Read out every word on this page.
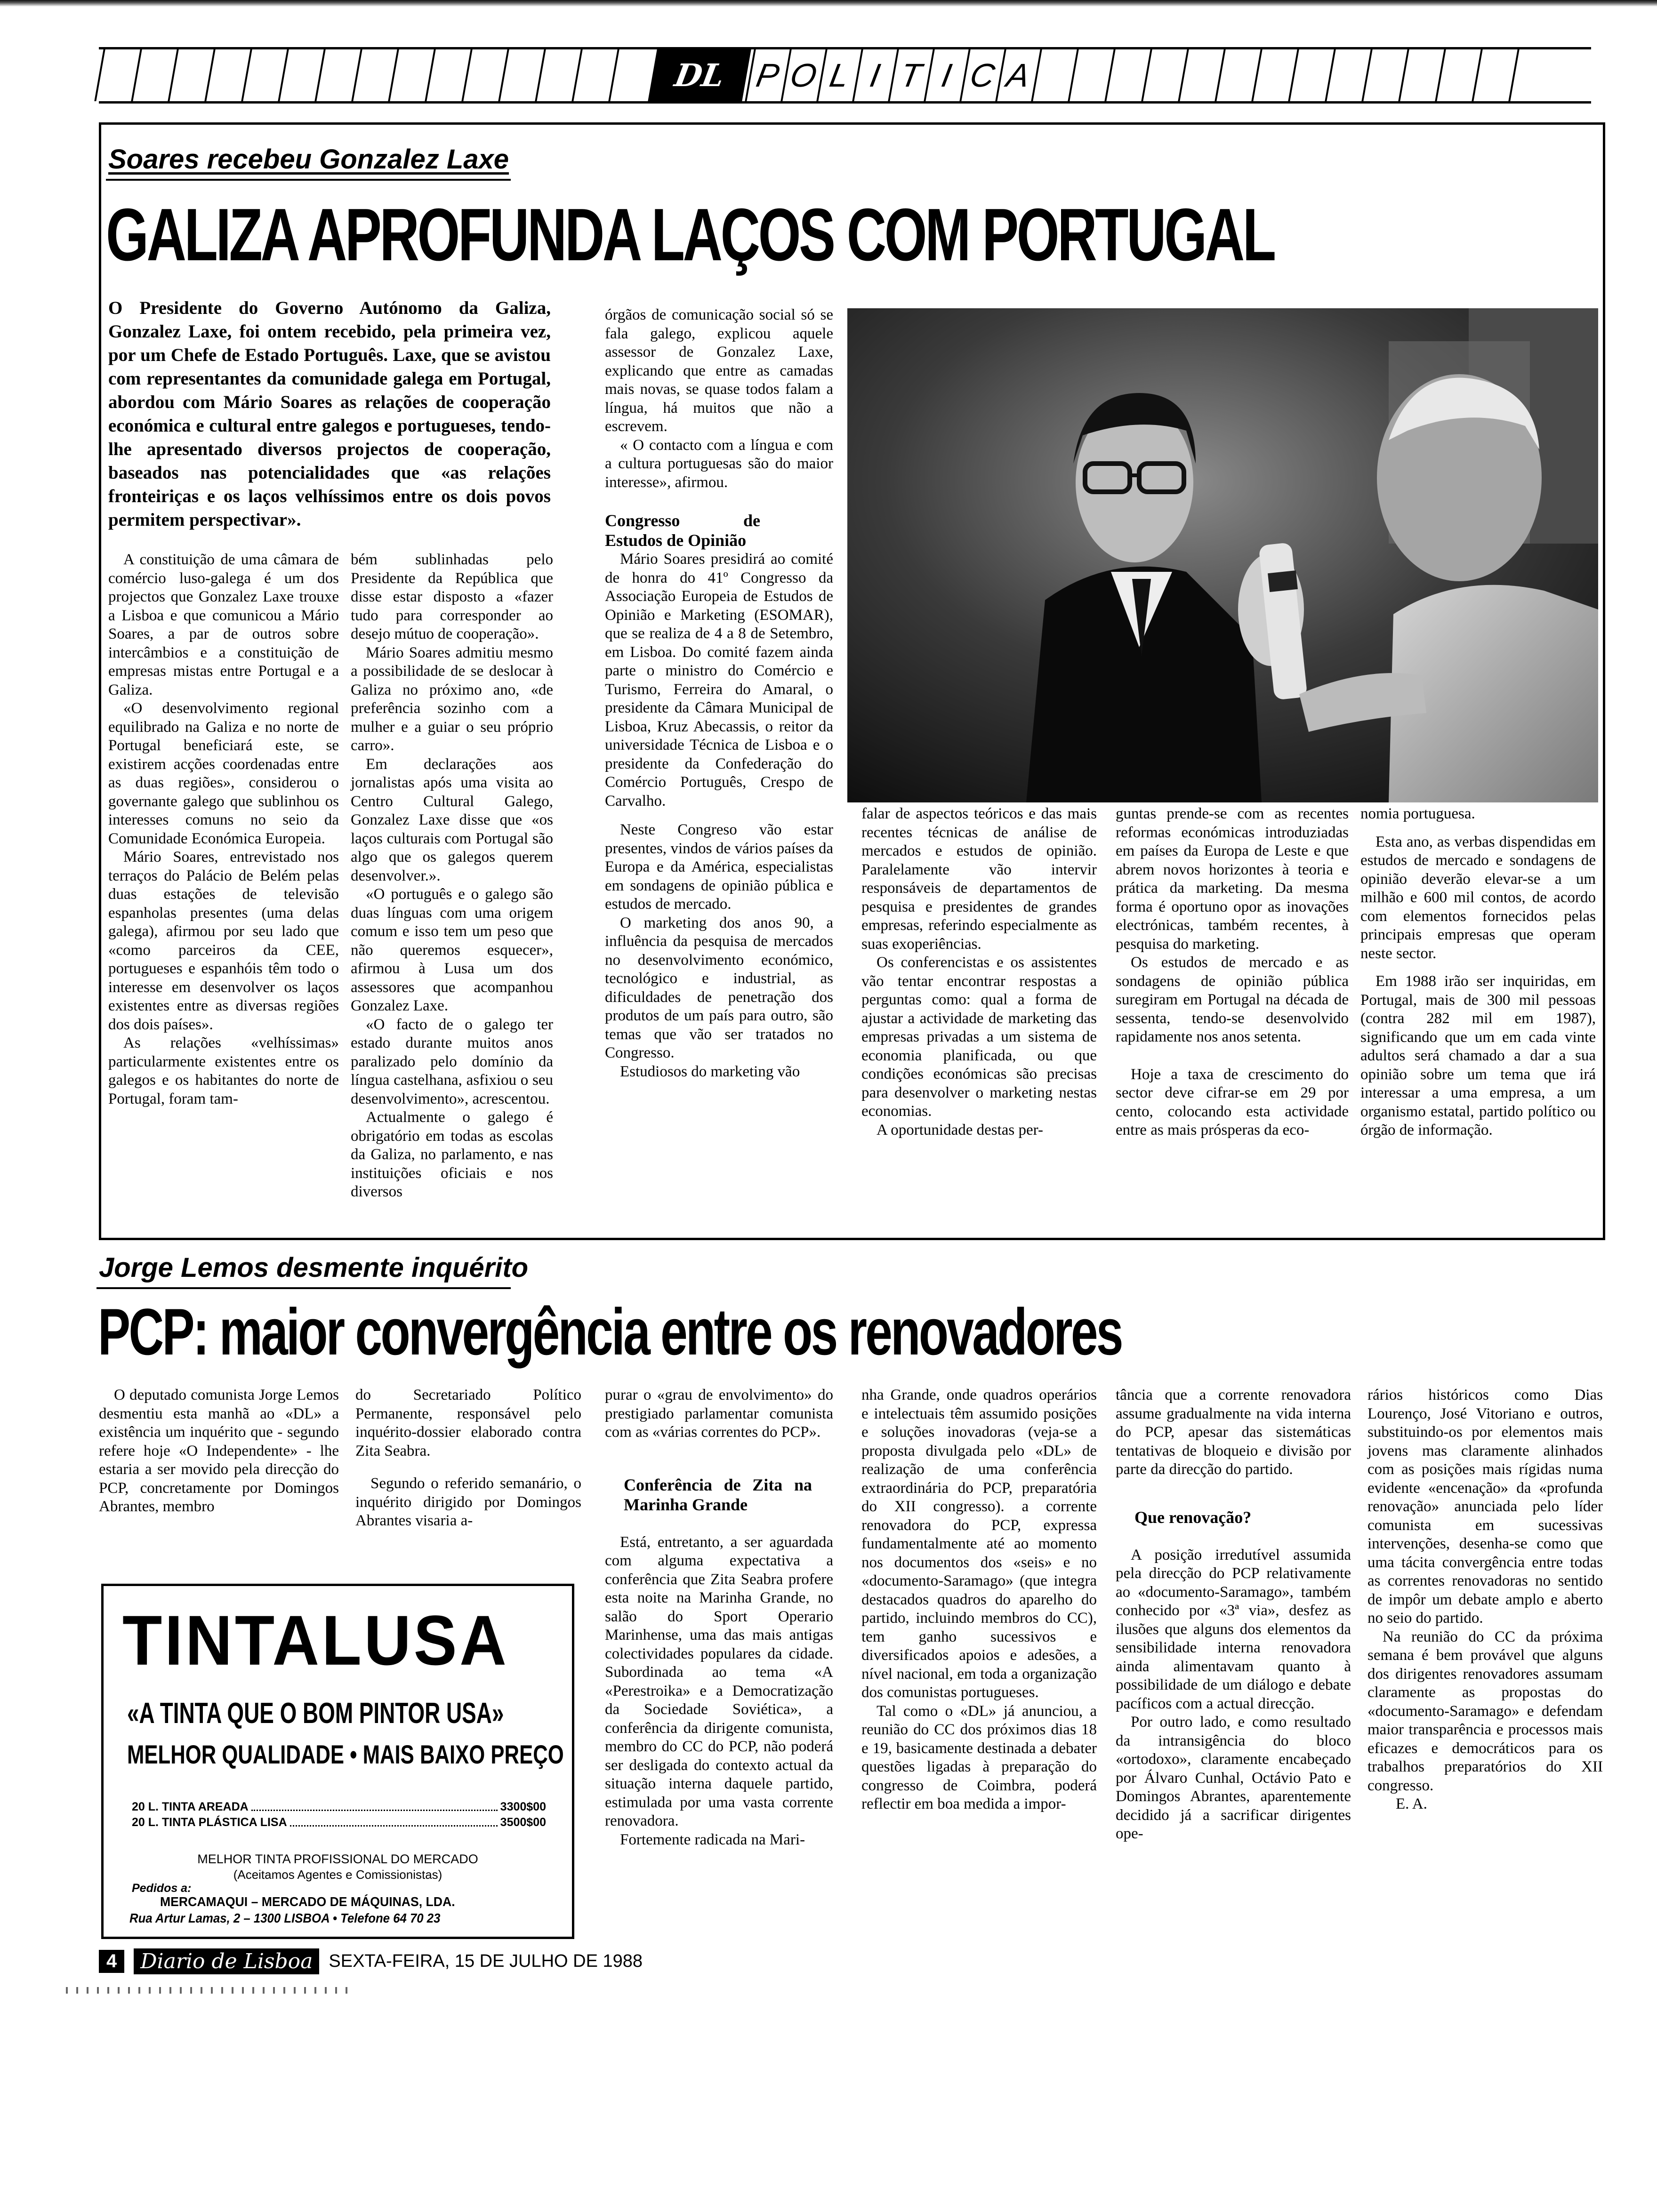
DL P O L I T I C A
Soares recebeu Gonzalez Laxe
GALIZA APROFUNDA LAÇOS COM PORTUGAL
O Presidente do Governo Autónomo da Galiza, Gonzalez Laxe, foi ontem recebido, pela primeira vez, por um Chefe de Estado Português. Laxe, que se avistou com representantes da comunidade galega em Portugal, abordou com Mário Soares as relações de cooperação económica e cultural entre galegos e portugueses, tendo-lhe apresentado diversos projectos de cooperação, baseados nas potencialidades que «as relações fronteiriças e os laços velhíssimos entre os dois povos permitem perspectivar».

A constituição de uma câmara de comércio luso-galega é um dos projectos que Gonzalez Laxe trouxe a Lisboa e que comunicou a Mário Soares, a par de outros sobre intercâmbios e a constituição de empresas mistas entre Portugal e a Galiza.

«O desenvolvimento regional equilibrado na Galiza e no norte de Portugal beneficiará este, se existirem acções coordenadas entre as duas regiões», considerou o governante galego que sublinhou os interesses comuns no seio da Comunidade Económica Europeia.

Mário Soares, entrevistado nos terraços do Palácio de Belém pelas duas estações de televisão espanholas presentes (uma delas galega), afirmou por seu lado que «como parceiros da CEE, portugueses e espanhóis têm todo o interesse em desenvolver os laços existentes entre as diversas regiões dos dois países».

As relações «velhíssimas» particularmente existentes entre os galegos e os habitantes do norte de Portugal, foram tam-

bém sublinhadas pelo Presidente da República que disse estar disposto a «fazer tudo para corresponder ao desejo mútuo de cooperação».

Mário Soares admitiu mesmo a possibilidade de se deslocar à Galiza no próximo ano, «de preferência sozinho com a mulher e a guiar o seu próprio carro».

Em declarações aos jornalistas após uma visita ao Centro Cultural Galego, Gonzalez Laxe disse que «os laços culturais com Portugal são algo que os galegos querem desenvolver.».

«O português e o galego são duas línguas com uma origem comum e isso tem um peso que não queremos esquecer», afirmou à Lusa um dos assessores que acompanhou Gonzalez Laxe.

«O facto de o galego ter estado durante muitos anos paralizado pelo domínio da língua castelhana, asfixiou o seu desenvolvimento», acrescentou.

Actualmente o galego é obrigatório em todas as escolas da Galiza, no parlamento, e nas instituições oficiais e nos diversos

órgãos de comunicação social só se fala galego, explicou aquele assessor de Gonzalez Laxe, explicando que entre as camadas mais novas, se quase todos falam a língua, há muitos que não a escrevem.

« O contacto com a língua e com a cultura portuguesas são do maior interesse», afirmou.

Congresso de Estudos de Opinião

Mário Soares presidirá ao comité de honra do 41º Congresso da Associação Europeia de Estudos de Opinião e Marketing (ESOMAR), que se realiza de 4 a 8 de Setembro, em Lisboa. Do comité fazem ainda parte o ministro do Comércio e Turismo, Ferreira do Amaral, o presidente da Câmara Municipal de Lisboa, Kruz Abecassis, o reitor da universidade Técnica de Lisboa e o presidente da Confederação do Comércio Português, Crespo de Carvalho.

Neste Congreso vão estar presentes, vindos de vários países da Europa e da América, especialistas em sondagens de opinião pública e estudos de mercado.

O marketing dos anos 90, a influência da pesquisa de mercados no desenvolvimento económico, tecnológico e industrial, as dificuldades de penetração dos produtos de um país para outro, são temas que vão ser tratados no Congresso.

Estudiosos do marketing vão

falar de aspectos teóricos e das mais recentes técnicas de análise de mercados e estudos de opinião. Paralelamente vão intervir responsáveis de departamentos de pesquisa e presidentes de grandes empresas, referindo especialmente as suas exoperiências.

Os conferencistas e os assistentes vão tentar encontrar respostas a perguntas como: qual a forma de ajustar a actividade de marketing das empresas privadas a um sistema de economia planificada, ou que condições económicas são precisas para desenvolver o marketing nestas economias.

A oportunidade destas per-

guntas prende-se com as recentes reformas económicas introduziadas em países da Europa de Leste e que abrem novos horizontes à teoria e prática da marketing. Da mesma forma é oportuno opor as inovações electrónicas, também recentes, à pesquisa do marketing.

Os estudos de mercado e as sondagens de opinião pública suregiram em Portugal na década de sessenta, tendo-se desenvolvido rapidamente nos anos setenta.

Hoje a taxa de crescimento do sector deve cifrar-se em 29 por cento, colocando esta actividade entre as mais prósperas da eco-

nomia portuguesa.

Esta ano, as verbas dispendidas em estudos de mercado e sondagens de opinião deverão elevar-se a um milhão e 600 mil contos, de acordo com elementos fornecidos pelas principais empresas que operam neste sector.

Em 1988 irão ser inquiridas, em Portugal, mais de 300 mil pessoas (contra 282 mil em 1987), significando que um em cada vinte adultos será chamado a dar a sua opinião sobre um tema que irá interessar a uma empresa, a um organismo estatal, partido político ou órgão de informação.

Jorge Lemos desmente inquérito
PCP: maior convergência entre os renovadores

O deputado comunista Jorge Lemos desmentiu esta manhã ao «DL» a existência um inquérito que - segundo refere hoje «O Independente» - lhe estaria a ser movido pela direcção do PCP, concretamente por Domingos Abrantes, membro

do Secretariado Político Permanente, responsável pelo inquérito-dossier elaborado contra Zita Seabra.

Segundo o referido semanário, o inquérito dirigido por Domingos Abrantes visaria a-

purar o «grau de envolvimento» do prestigiado parlamentar comunista com as «várias correntes do PCP».

Conferência de Zita na Marinha Grande

Está, entretanto, a ser aguardada com alguma expectativa a conferência que Zita Seabra profere esta noite na Marinha Grande, no salão do Sport Operario Marinhense, uma das mais antigas colectividades populares da cidade. Subordinada ao tema «A «Perestroika» e a Democratização da Sociedade Soviética», a conferência da dirigente comunista, membro do CC do PCP, não poderá ser desligada do contexto actual da situação interna daquele partido, estimulada por uma vasta corrente renovadora.

Fortemente radicada na Mari-

nha Grande, onde quadros operários e intelectuais têm assumido posições e soluções inovadoras (veja-se a proposta divulgada pelo «DL» de realização de uma conferência extraordinária do PCP, preparatória do XII congresso). a corrente renovadora do PCP, expressa fundamentalmente até ao momento nos documentos dos «seis» e no «documento-Saramago» (que integra destacados quadros do aparelho do partido, incluindo membros do CC), tem ganho sucessivos e diversificados apoios e adesões, a nível nacional, em toda a organização dos comunistas portugueses.

Tal como o «DL» já anunciou, a reunião do CC dos próximos dias 18 e 19, basicamente destinada a debater questões ligadas à preparação do congresso de Coimbra, poderá reflectir em boa medida a impor-

tância que a corrente renovadora assume gradualmente na vida interna do PCP, apesar das sistemáticas tentativas de bloqueio e divisão por parte da direcção do partido.

Que renovação?

A posição irredutível assumida pela direcção do PCP relativamente ao «documento-Saramago», também conhecido por «3ª via», desfez as ilusões que alguns dos elementos da sensibilidade interna renovadora ainda alimentavam quanto à possibilidade de um diálogo e debate pacíficos com a actual direcção.

Por outro lado, e como resultado da intransigência do bloco «ortodoxo», claramente encabeçado por Álvaro Cunhal, Octávio Pato e Domingos Abrantes, aparentemente decidido já a sacrificar dirigentes ope-

rários históricos como Dias Lourenço, José Vitoriano e outros, substituindo-os por elementos mais jovens mas claramente alinhados com as posições mais rígidas numa evidente «encenação» da «profunda renovação» anunciada pelo líder comunista em sucessivas intervenções, desenha-se como que uma tácita convergência entre todas as correntes renovadoras no sentido de impôr um debate amplo e aberto no seio do partido.

Na reunião do CC da próxima semana é bem provável que alguns dos dirigentes renovadores assumam claramente as propostas do «documento-Saramago» e defendam maior transparência e processos mais eficazes e democráticos para os trabalhos preparatórios do XII congresso.

E. A.

TINTALUSA
«A TINTA QUE O BOM PINTOR USA»
MELHOR QUALIDADE • MAIS BAIXO PREÇO
20 L. TINTA AREADA	3300$00
20 L. TINTA PLÁSTICA LISA	3500$00
MELHOR TINTA PROFISSIONAL DO MERCADO
(Aceitamos Agentes e Comissionistas)
Pedidos a:
MERCAMAQUI – MERCADO DE MÁQUINAS, LDA.
Rua Artur Lamas, 2 – 1300 LISBOA • Telefone 64 70 23
4	Diario de Lisboa SEXTA-FEIRA, 15 DE JULHO DE 1988
